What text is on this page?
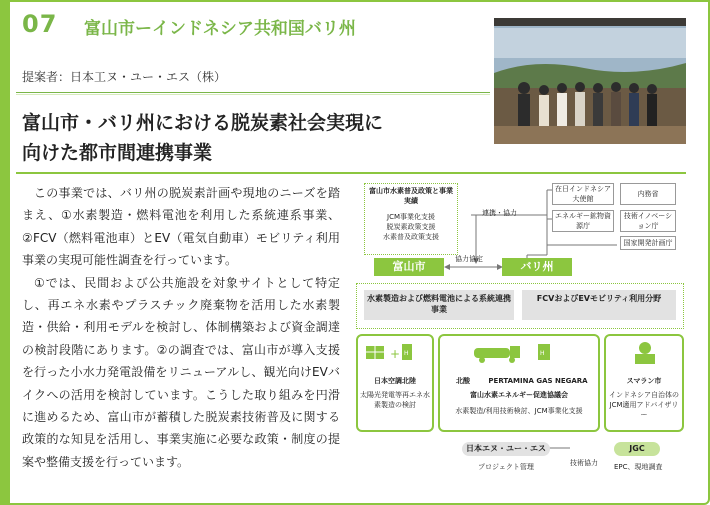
07 富山市ーインドネシア共和国バリ州
提案者：日本工ヌ・ユー・エス（株）
富山市・バリ州における脱炭素社会実現に
向けた都市間連携事業

この事業では、バリ州の脱炭素計画や現地のニーズを踏まえ、①水素製造・燃料電池を利用した系統連系事業、②FCV（燃料電池車）とEV（電気自動車）モビリティ利用事業の実現可能性調査を行っています。

①では、民間および公共施設を対象サイトとして特定し、再エネ水素やプラスチック廃棄物を活用した水素製造・供給・利用モデルを検討し、体制構築および資金調達の検討段階にあります。②の調査では、富山市が導入支援を行った小水力発電設備をリニューアルし、観光向けEVバイクへの活用を検討しています。こうした取り組みを円滑に進めるため、富山市が蓄積した脱炭素技術普及に関する政策的な知見を活用し、事業実施に必要な政策・制度の提案や整備支援を行っています。

富山市水素普及政策と事業実績
JCM事業化支援
脱炭素政策支援
水素普及政策支援
在日インドネシア大使館
内務省
エネルギー鉱物資源庁
技術イノベーション庁
国家開発計画庁
連携・協力
協力協定
富山市	バリ州
水素製造および燃料電池による系統連携事業
FCVおよびEVモビリティ利用分野
+ H
日本空調北陸
太陽光発電等再エネ水素製造の検討
H
北酸	PERTAMINA GAS NEGARA
富山水素エネルギー促進協議会
水素製造/利用技術検討、JCM事業化支援
スマラン市
インドネシア自治体のJCM適用アドバイザリー
日本エヌ・ユー・エス
プロジェクト管理	技術協力
JGC
EPC、現地調査
